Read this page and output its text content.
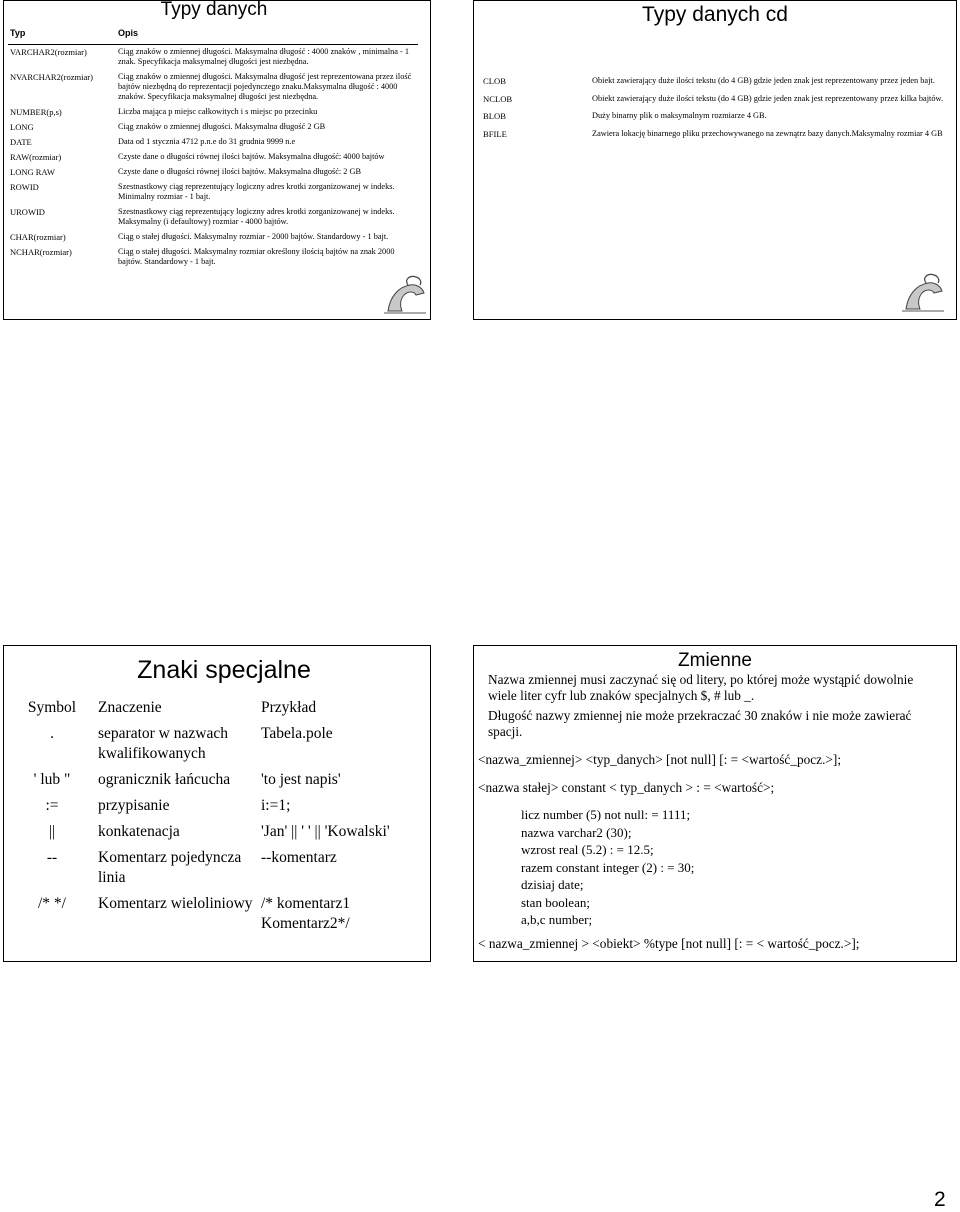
Typy danych
Typ	Opis
VARCHAR2(rozmiar)	Ciąg znaków o zmiennej długości. Maksymalna długość : 4000 znaków , minimalna - 1 znak. Specyfikacja maksymalnej długości jest niezbędna.
NVARCHAR2(rozmiar)	Ciąg znaków o zmiennej długości. Maksymalna długość jest reprezentowana przez ilość bajtów niezbędną do reprezentacji pojedynczego znaku.Maksymalna długość : 4000 znaków. Specyfikacja maksymalnej długości jest niezbędna.
NUMBER(p,s)	Liczba mająca p miejsc całkowitych i s miejsc po przecinku
LONG	Ciąg znaków o zmiennej długości. Maksymalna długość 2 GB
DATE	Data od 1 stycznia 4712 p.n.e do 31 grudnia 9999 n.e
RAW(rozmiar)	Czyste dane o długości równej ilości bajtów. Maksymalna długość: 4000 bajtów
LONG RAW	Czyste dane o długości równej ilości bajtów. Maksymalna długość: 2 GB
ROWID	Szestnastkowy ciąg reprezentujący logiczny adres krotki zorganizowanej w indeks. Minimalny rozmiar - 1 bajt.
UROWID	Szestnastkowy ciąg reprezentujący logiczny adres krotki zorganizowanej w indeks. Maksymalny (i defaultowy) rozmiar - 4000 bajtów.
CHAR(rozmiar)	Ciąg o stałej długości. Maksymalny rozmiar - 2000 bajtów. Standardowy - 1 bajt.
NCHAR(rozmiar)	Ciąg o stałej długości. Maksymalny rozmiar określony ilością bajtów na znak 2000 bajtów. Standardowy - 1 bajt.
Typy danych cd
CLOB	Obiekt zawierający duże ilości tekstu (do 4 GB) gdzie jeden znak jest reprezentowany przez jeden bajt.
NCLOB	Obiekt zawierający duże ilości tekstu (do 4 GB) gdzie jeden znak jest reprezentowany przez kilka bajtów.
BLOB	Duży binarny plik o maksymalnym rozmiarze 4 GB.
BFILE	Zawiera lokację binarnego pliku przechowywanego na zewnątrz bazy danych.Maksymalny rozmiar 4 GB
Znaki specjalne
Symbol	Znaczenie	Przykład
.	separator w nazwach kwalifikowanych	Tabela.pole
' lub "	ogranicznik łańcucha	'to jest napis'
:=	przypisanie	i:=1;
||	konkatenacja	'Jan' || ' ' || 'Kowalski'
--	Komentarz pojedyncza linia	--komentarz
/* */	Komentarz wieloliniowy	/* komentarz1 Komentarz2*/
Zmienne
Nazwa zmiennej musi zaczynać się od litery, po której może wystąpić dowolnie wiele liter cyfr lub znaków specjalnych $, # lub _.
Długość nazwy zmiennej nie może przekraczać 30 znaków i nie może zawierać spacji.
<nazwa_zmiennej> <typ_danych> [not null] [: = <wartość_pocz.>];
<nazwa stałej> constant < typ_danych > : = <wartość>;
licz number (5) not null: = 1111;
nazwa varchar2 (30);
wzrost real (5.2) : = 12.5;
razem constant integer (2) : = 30;
dzisiaj date;
stan boolean;
a,b,c number;
< nazwa_zmiennej > <obiekt> %type [not null] [: = < wartość_pocz.>];
2
